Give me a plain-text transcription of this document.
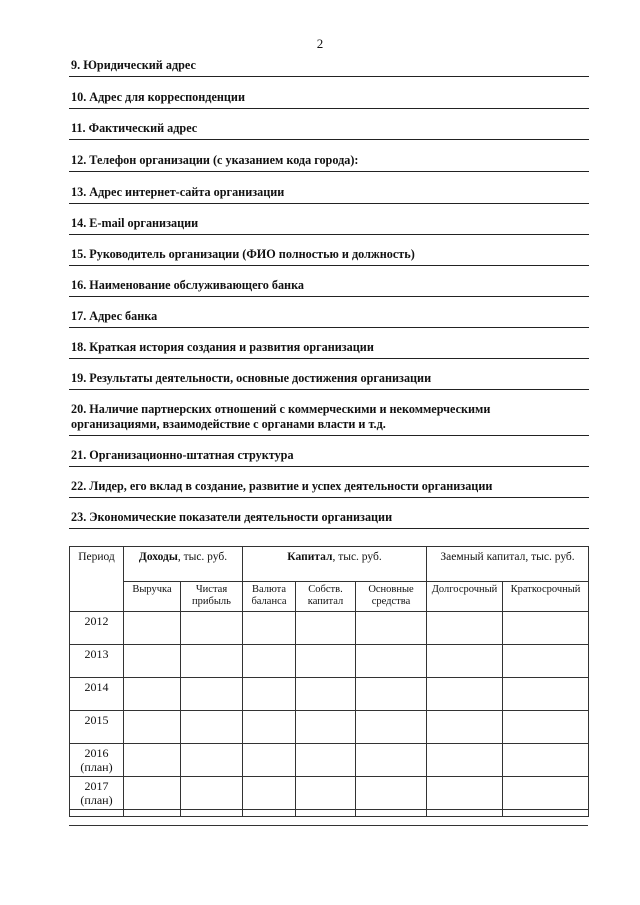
2
9. Юридический адрес
10. Адрес для корреспонденции
11. Фактический адрес
12. Телефон организации (с указанием кода города):
13. Адрес интернет-сайта организации
14. E-mail организации
15. Руководитель организации (ФИО полностью и должность)
16. Наименование обслуживающего банка
17. Адрес банка
18. Краткая история создания и развития организации
19. Результаты деятельности, основные достижения организации
20. Наличие партнерских отношений с коммерческими и некоммерческими организациями, взаимодействие с органами власти и т.д.
21. Организационно-штатная структура
22. Лидер, его вклад в создание, развитие и успех деятельности организации
23. Экономические показатели деятельности организации
Период	Доходы, тыс. руб.		Капитал, тыс. руб.			Заемный капитал, тыс. руб.	
	Выручка	Чистая прибыль	Валюта баланса	Собств. капитал	Основные средства	Долгосрочный	Краткосрочный
2012							
2013							
2014							
2015							
2016 (план)							
2017 (план)							
